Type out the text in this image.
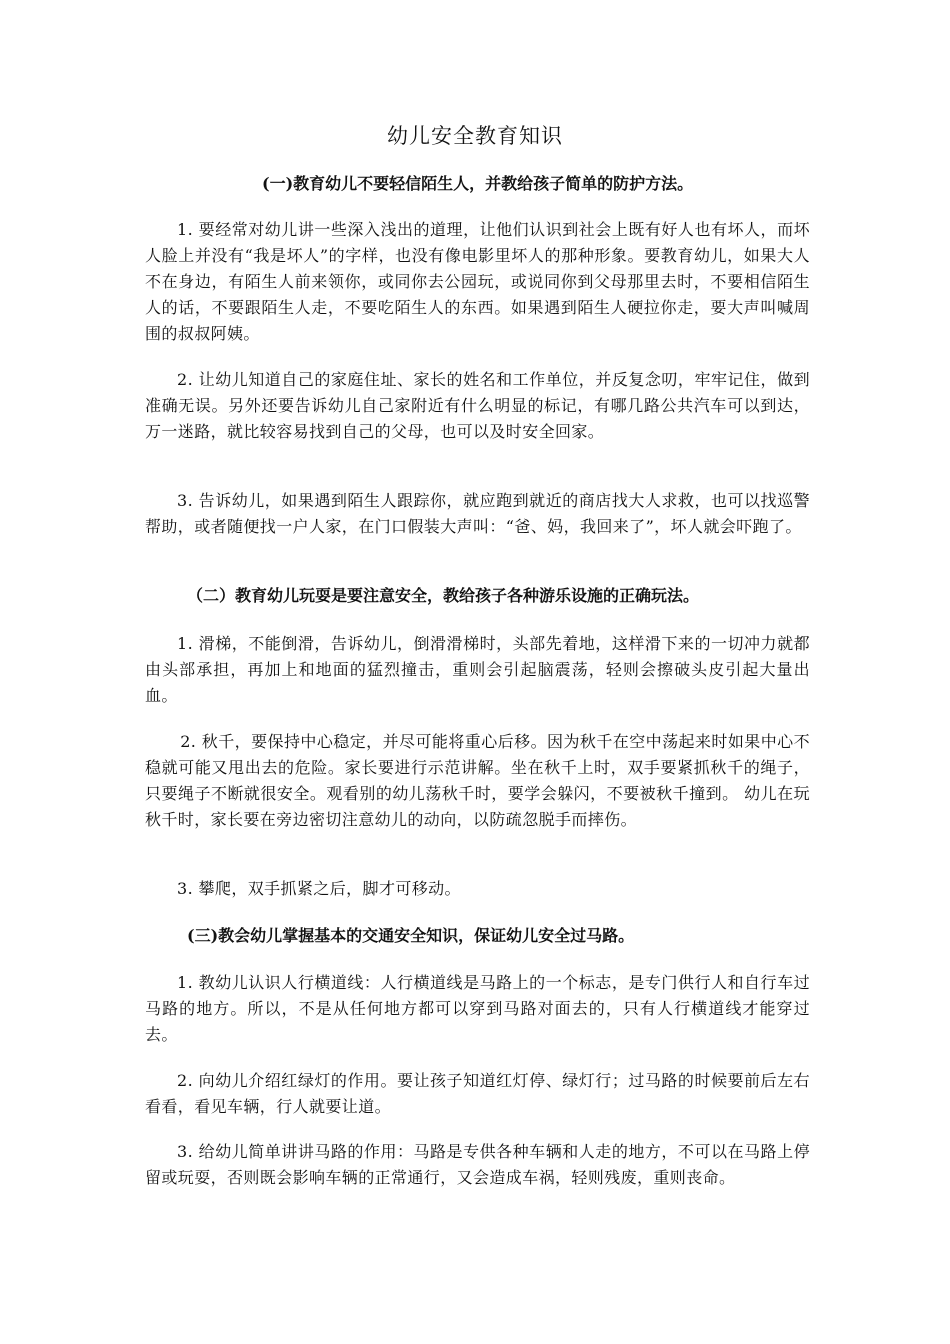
幼儿安全教育知识
(一)教育幼儿不要轻信陌生人，并教给孩子简单的防护方法。

1. 要经常对幼儿讲一些深入浅出的道理，让他们认识到社会上既有好人也有坏人，而坏人脸上并没有“我是坏人”的字样，也没有像电影里坏人的那种形象。要教育幼儿，如果大人不在身边，有陌生人前来领你，或同你去公园玩，或说同你到父母那里去时，不要相信陌生人的话，不要跟陌生人走，不要吃陌生人的东西。如果遇到陌生人硬拉你走，要大声叫喊周围的叔叔阿姨。

2. 让幼儿知道自己的家庭住址、家长的姓名和工作单位，并反复念叨，牢牢记住，做到准确无误。另外还要告诉幼儿自己家附近有什么明显的标记，有哪几路公共汽车可以到达，万一迷路，就比较容易找到自己的父母，也可以及时安全回家。

3. 告诉幼儿，如果遇到陌生人跟踪你，就应跑到就近的商店找大人求救，也可以找巡警帮助，或者随便找一户人家，在门口假装大声叫：“爸、妈，我回来了”，坏人就会吓跑了。

（二）教育幼儿玩耍是要注意安全，教给孩子各种游乐设施的正确玩法。

1. 滑梯，不能倒滑，告诉幼儿，倒滑滑梯时，头部先着地，这样滑下来的一切冲力就都由头部承担，再加上和地面的猛烈撞击，重则会引起脑震荡，轻则会擦破头皮引起大量出血。

2. 秋千，要保持中心稳定，并尽可能将重心后移。因为秋千在空中荡起来时如果中心不稳就可能又甩出去的危险。家长要进行示范讲解。坐在秋千上时，双手要紧抓秋千的绳子，只要绳子不断就很安全。观看别的幼儿荡秋千时，要学会躲闪，不要被秋千撞到。 幼儿在玩秋千时，家长要在旁边密切注意幼儿的动向，以防疏忽脱手而摔伤。

3. 攀爬，双手抓紧之后，脚才可移动。

(三)教会幼儿掌握基本的交通安全知识，保证幼儿安全过马路。

1. 教幼儿认识人行横道线：人行横道线是马路上的一个标志，是专门供行人和自行车过马路的地方。所以，不是从任何地方都可以穿到马路对面去的，只有人行横道线才能穿过去。

2. 向幼儿介绍红绿灯的作用。要让孩子知道红灯停、绿灯行；过马路的时候要前后左右看看，看见车辆，行人就要让道。

3. 给幼儿简单讲讲马路的作用：马路是专供各种车辆和人走的地方，不可以在马路上停留或玩耍，否则既会影响车辆的正常通行，又会造成车祸，轻则残废，重则丧命。
